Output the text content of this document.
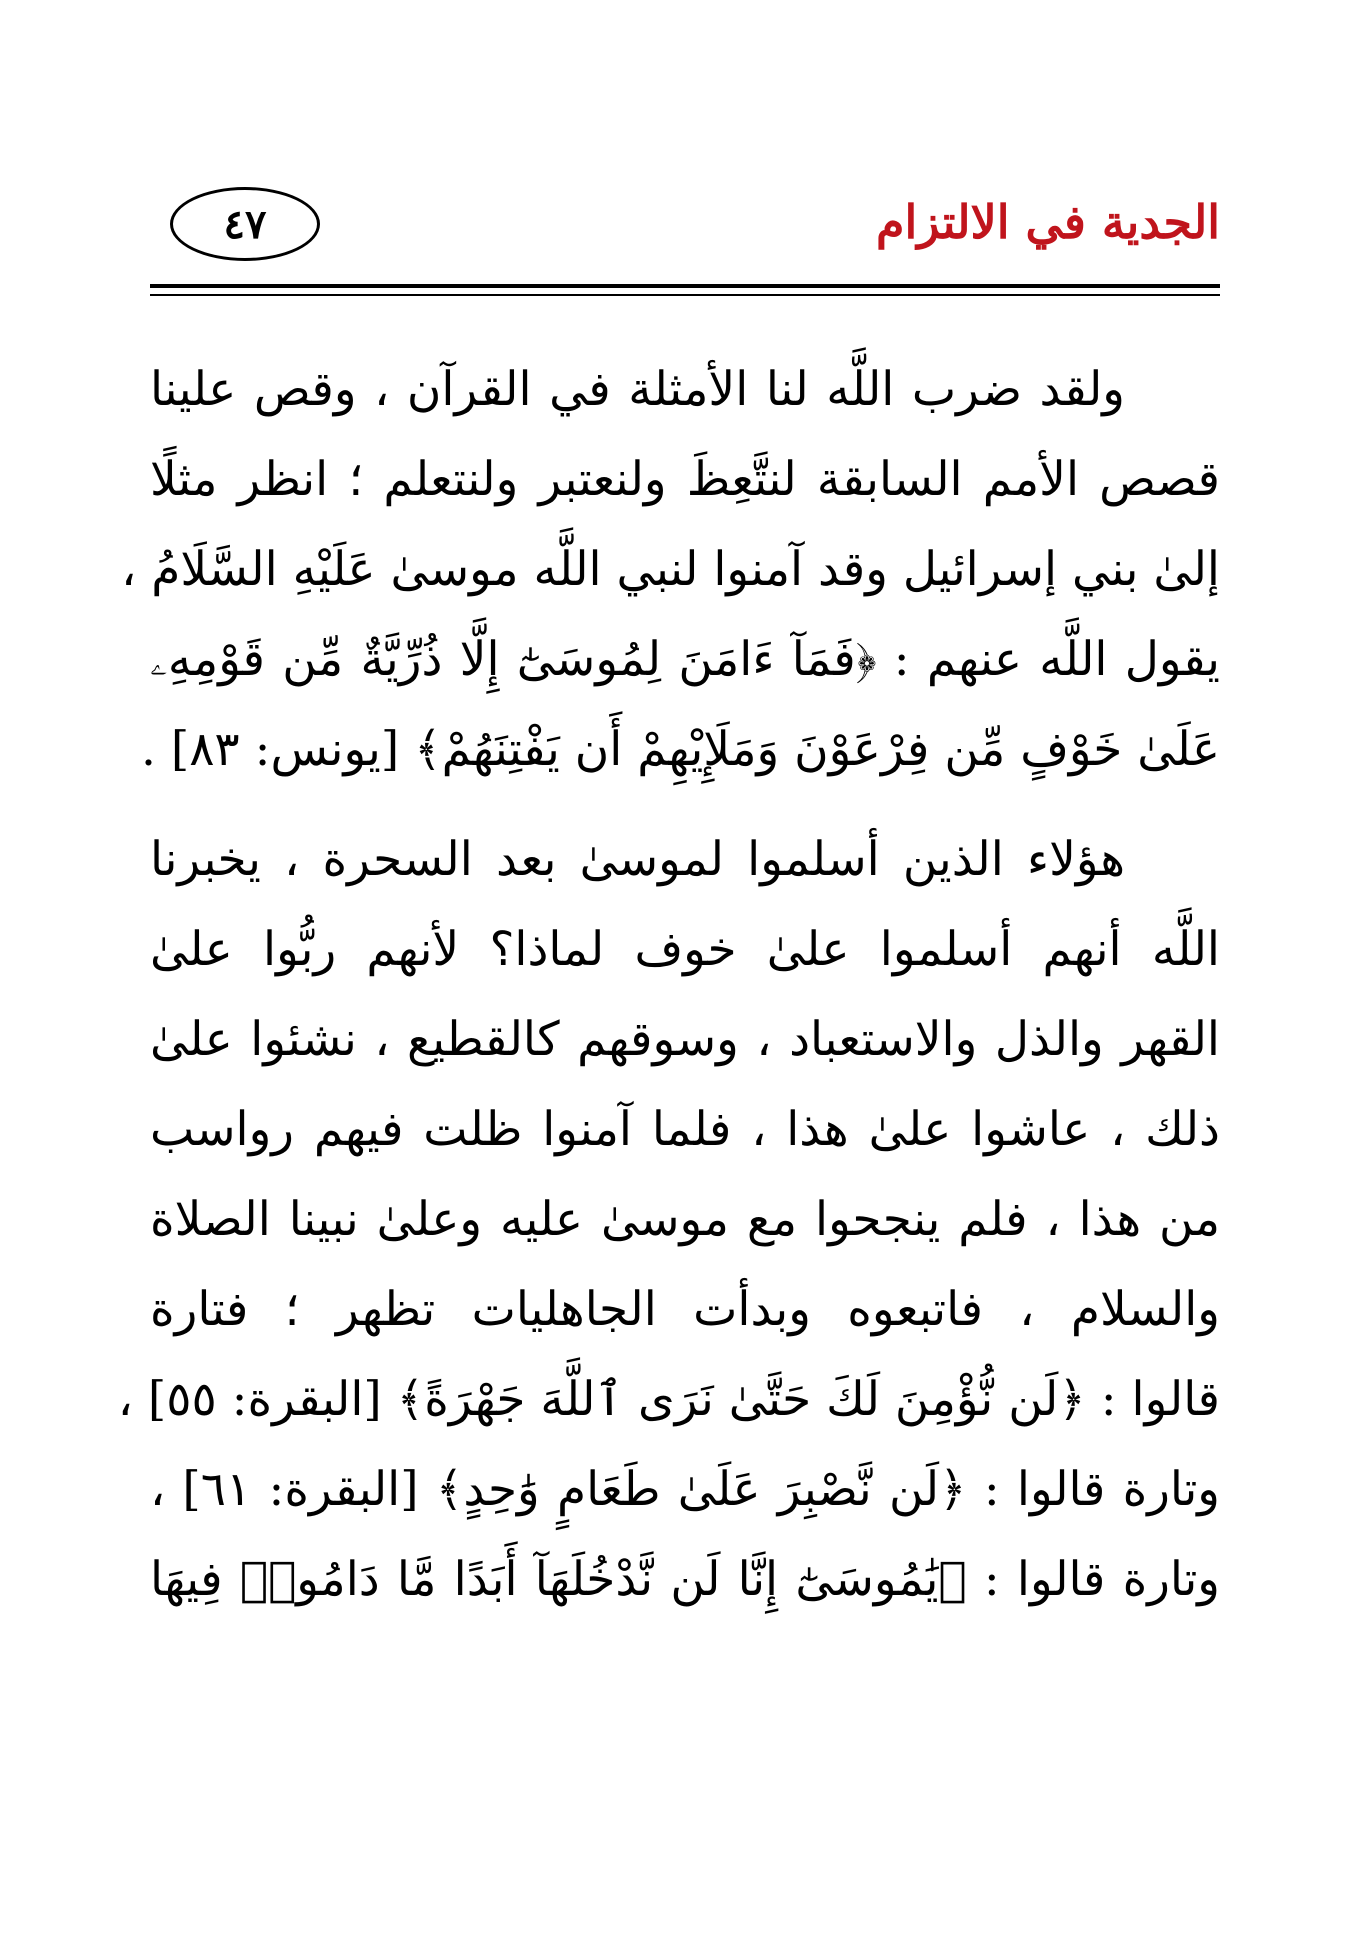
الجدية في الالتزام
٤٧

ولقد ضرب اللَّه لنا الأمثلة في القرآن ، وقص علينا
قصص الأمم السابقة لنتَّعِظَ ولنعتبر ولنتعلم ؛ انظر مثلًا
إلىٰ بني إسرائيل وقد آمنوا لنبي اللَّه موسىٰ عَلَيْهِ السَّلَامُ ،
يقول اللَّه عنهم : ﴿فَمَآ ءَامَنَ لِمُوسَىٰٓ إِلَّا ذُرِّيَّةٌ مِّن قَوْمِهِۦ
عَلَىٰ خَوْفٍ مِّن فِرْعَوْنَ وَمَلَإِيْهِمْ أَن يَفْتِنَهُمْ﴾ [يونس: ٨٣] .

هؤلاء الذين أسلموا لموسىٰ بعد السحرة ، يخبرنا
اللَّه أنهم أسلموا علىٰ خوف لماذا؟ لأنهم ربُّوا علىٰ
القهر والذل والاستعباد ، وسوقهم كالقطيع ، نشئوا علىٰ
ذلك ، عاشوا علىٰ هذا ، فلما آمنوا ظلت فيهم رواسب
من هذا ، فلم ينجحوا مع موسىٰ عليه وعلىٰ نبينا الصلاة
والسلام ، فاتبعوه وبدأت الجاهليات تظهر ؛ فتارة
قالوا : ﴿لَن نُّؤْمِنَ لَكَ حَتَّىٰ نَرَى ٱللَّهَ جَهْرَةً﴾ [البقرة: ٥٥] ،
وتارة قالوا : ﴿لَن نَّصْبِرَ عَلَىٰ طَعَامٍ وَٰحِدٍ﴾ [البقرة: ٦١] ،
وتارة قالوا : ﴿يَٰمُوسَىٰٓ إِنَّا لَن نَّدْخُلَهَآ أَبَدًا مَّا دَامُوا۟ فِيهَا
